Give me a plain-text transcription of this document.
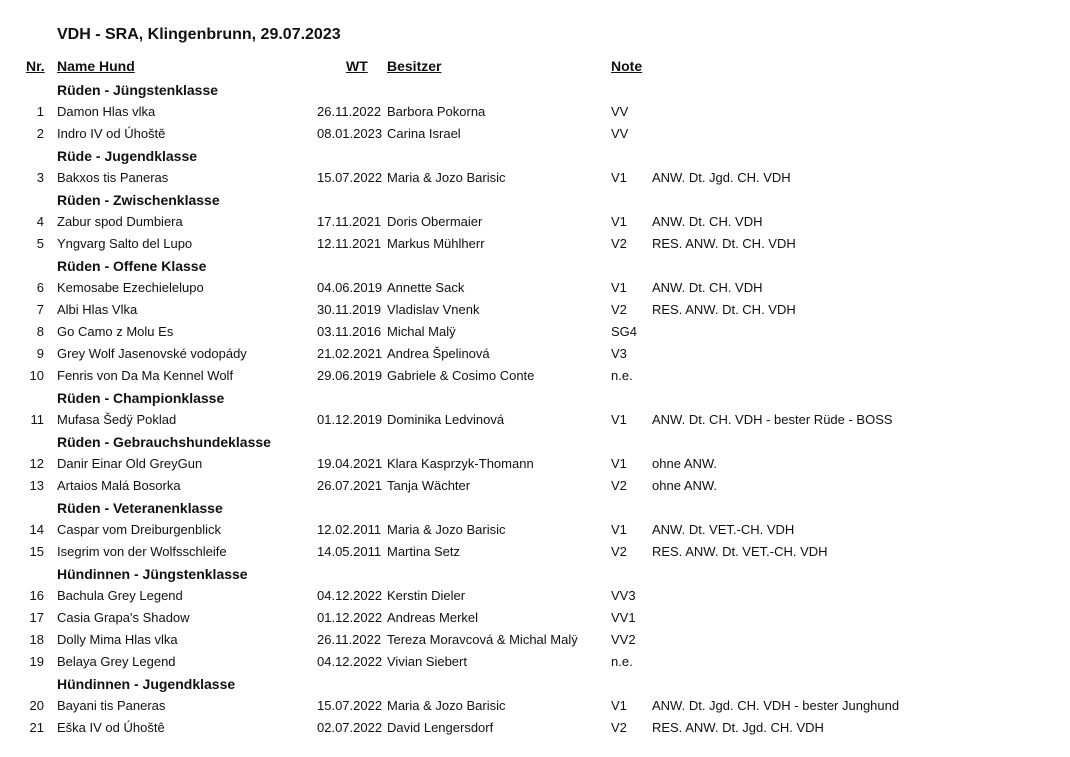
VDH - SRA, Klingenbrunn, 29.07.2023
Nr. Name Hund	WT Besitzer	Note
Rüden - Jüngstenklasse
1 Damon Hlas vlka	26.11.2022 Barbora Pokorna	VV
2 Indro IV od Úhoště	08.01.2023 Carina Israel	VV
Rüde - Jugendklasse
3 Bakxos tis Paneras	15.07.2022 Maria & Jozo Barisic	V1 ANW. Dt. Jgd. CH. VDH
Rüden - Zwischenklasse
4 Zabur spod Dumbiera	17.11.2021 Doris Obermaier	V1 ANW. Dt. CH. VDH
5 Yngvarg Salto del Lupo	12.11.2021 Markus Mühlherr	V2 RES. ANW. Dt. CH. VDH
Rüden - Offene Klasse
6 Kemosabe Ezechielelupo	04.06.2019 Annette Sack	V1 ANW. Dt. CH. VDH
7 Albi Hlas Vlka	30.11.2019 Vladislav Vnenk	V2 RES. ANW. Dt. CH. VDH
8 Go Camo z Molu Es	03.11.2016 Michal Malÿ	SG4
9 Grey Wolf Jasenovské vodopády	21.02.2021 Andrea Špelinová	V3
10 Fenris von Da Ma Kennel Wolf	29.06.2019 Gabriele & Cosimo Conte	n.e.
Rüden - Championklasse
11 Mufasa Šedÿ Poklad	01.12.2019 Dominika Ledvinová	V1 ANW. Dt. CH. VDH - bester Rüde - BOSS
Rüden - Gebrauchshundeklasse
12 Danir Einar Old GreyGun	19.04.2021 Klara Kasprzyk-Thomann	V1 ohne ANW.
13 Artaios Malá Bosorka	26.07.2021 Tanja Wächter	V2 ohne ANW.
Rüden - Veteranenklasse
14 Caspar vom Dreiburgenblick	12.02.2011 Maria & Jozo Barisic	V1 ANW. Dt. VET.-CH. VDH
15 Isegrim von der Wolfsschleife	14.05.2011 Martina Setz	V2 RES. ANW. Dt. VET.-CH. VDH
Hündinnen - Jüngstenklasse
16 Bachula Grey Legend	04.12.2022 Kerstin Dieler	VV3
17 Casia Grapa's Shadow	01.12.2022 Andreas Merkel	VV1
18 Dolly Mima Hlas vlka	26.11.2022 Tereza Moravcová & Michal Malÿ	VV2
19 Belaya Grey Legend	04.12.2022 Vivian Siebert	n.e.
Hündinnen - Jugendklasse
20 Bayani tis Paneras	15.07.2022 Maria & Jozo Barisic	V1 ANW. Dt. Jgd. CH. VDH - bester Junghund
21 Eška IV od Úhoštê	02.07.2022 David Lengersdorf	V2 RES. ANW. Dt. Jgd. CH. VDH
